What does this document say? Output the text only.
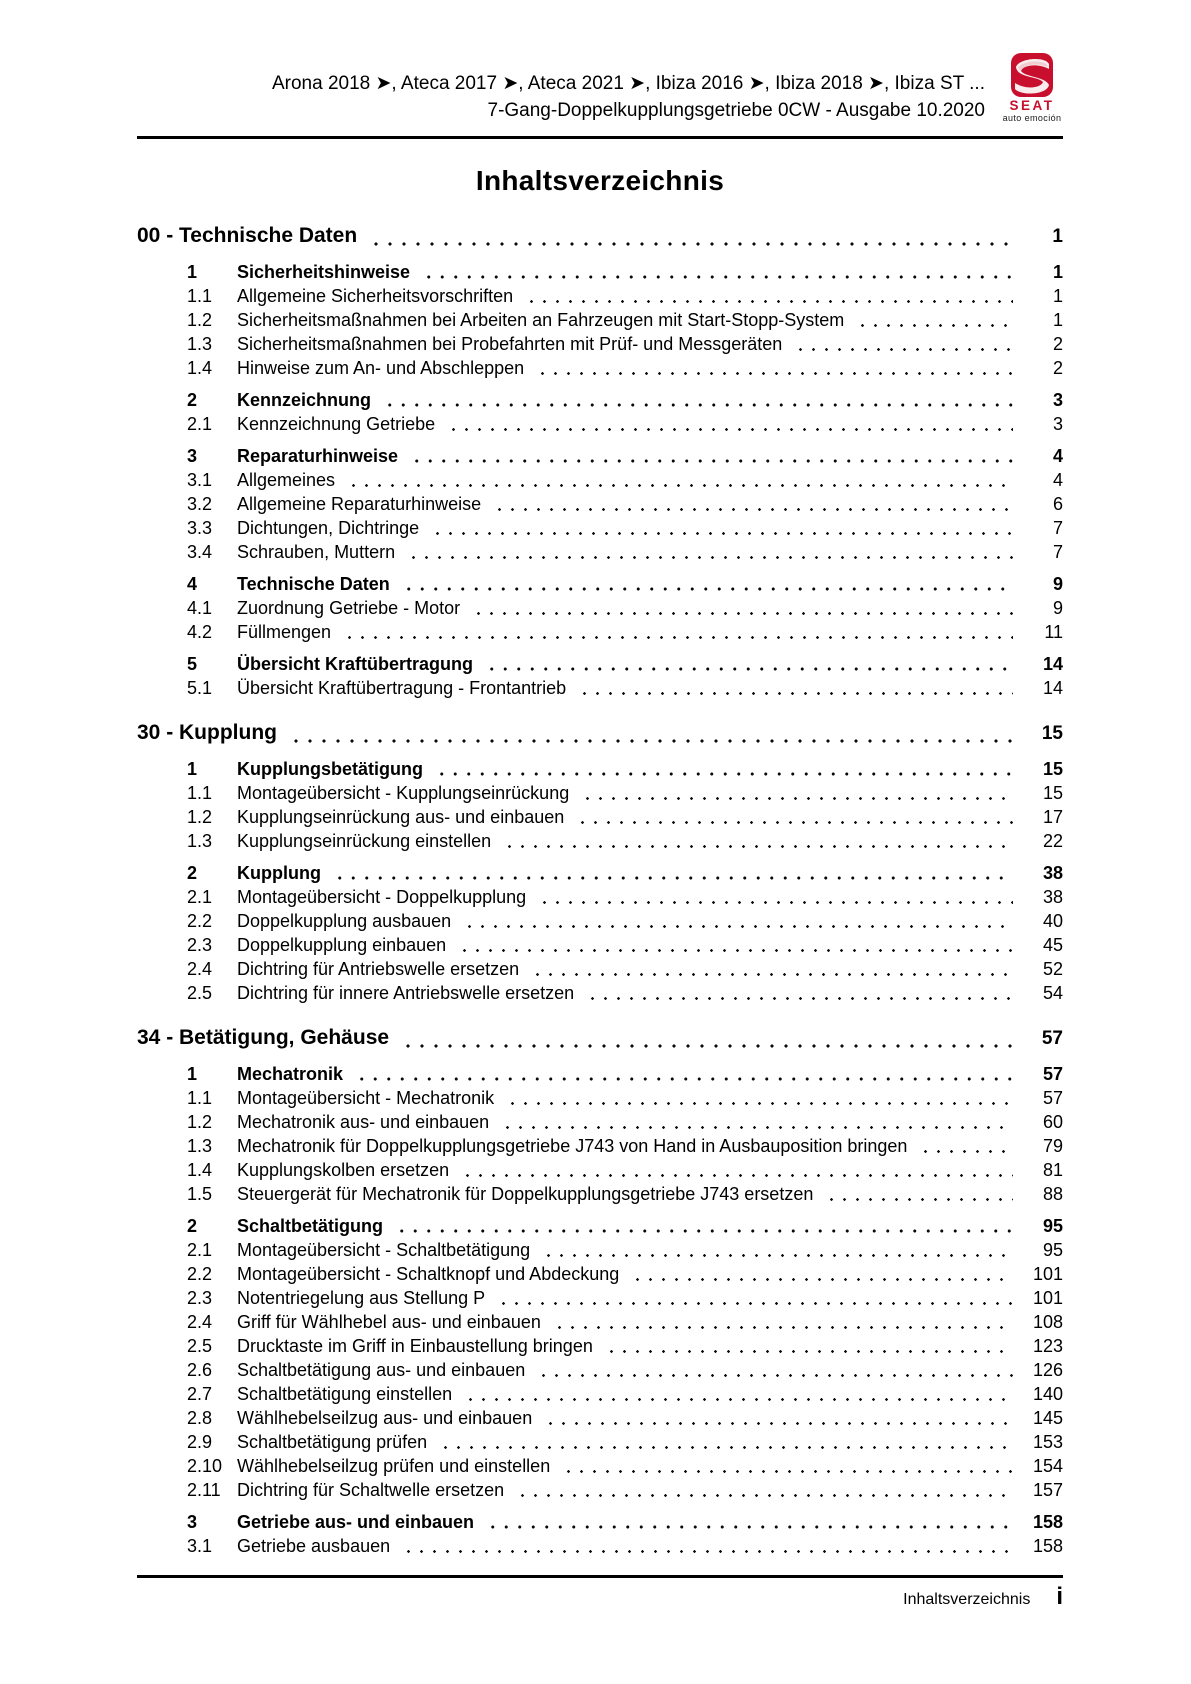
Arona 2018 ➤, Ateca 2017 ➤, Ateca 2021 ➤, Ibiza 2016 ➤, Ibiza 2018 ➤, Ibiza ST ...
7-Gang-Doppelkupplungsgetriebe 0CW - Ausgabe 10.2020	SEAT
auto emoción
Inhaltsverzeichnis
00 - Technische Daten	1
1	Sicherheitshinweise	1
1.1	Allgemeine Sicherheitsvorschriften	1
1.2	Sicherheitsmaßnahmen bei Arbeiten an Fahrzeugen mit Start-Stopp-System	1
1.3	Sicherheitsmaßnahmen bei Probefahrten mit Prüf- und Messgeräten	2
1.4	Hinweise zum An- und Abschleppen	2
2	Kennzeichnung	3
2.1	Kennzeichnung Getriebe	3
3	Reparaturhinweise	4
3.1	Allgemeines	4
3.2	Allgemeine Reparaturhinweise	6
3.3	Dichtungen, Dichtringe	7
3.4	Schrauben, Muttern	7
4	Technische Daten	9
4.1	Zuordnung Getriebe - Motor	9
4.2	Füllmengen	11
5	Übersicht Kraftübertragung	14
5.1	Übersicht Kraftübertragung - Frontantrieb	14
30 - Kupplung	15
1	Kupplungsbetätigung	15
1.1	Montageübersicht - Kupplungseinrückung	15
1.2	Kupplungseinrückung aus- und einbauen	17
1.3	Kupplungseinrückung einstellen	22
2	Kupplung	38
2.1	Montageübersicht - Doppelkupplung	38
2.2	Doppelkupplung ausbauen	40
2.3	Doppelkupplung einbauen	45
2.4	Dichtring für Antriebswelle ersetzen	52
2.5	Dichtring für innere Antriebswelle ersetzen	54
34 - Betätigung, Gehäuse	57
1	Mechatronik	57
1.1	Montageübersicht - Mechatronik	57
1.2	Mechatronik aus- und einbauen	60
1.3	Mechatronik für Doppelkupplungsgetriebe J743 von Hand in Ausbauposition bringen	79
1.4	Kupplungskolben ersetzen	81
1.5	Steuergerät für Mechatronik für Doppelkupplungsgetriebe J743 ersetzen	88
2	Schaltbetätigung	95
2.1	Montageübersicht - Schaltbetätigung	95
2.2	Montageübersicht - Schaltknopf und Abdeckung	101
2.3	Notentriegelung aus Stellung P	101
2.4	Griff für Wählhebel aus- und einbauen	108
2.5	Drucktaste im Griff in Einbaustellung bringen	123
2.6	Schaltbetätigung aus- und einbauen	126
2.7	Schaltbetätigung einstellen	140
2.8	Wählhebelseilzug aus- und einbauen	145
2.9	Schaltbetätigung prüfen	153
2.10 Wählhebelseilzug prüfen und einstellen	154
2.11 Dichtring für Schaltwelle ersetzen	157
3	Getriebe aus- und einbauen	158
3.1	Getriebe ausbauen	158
Inhaltsverzeichnis i
